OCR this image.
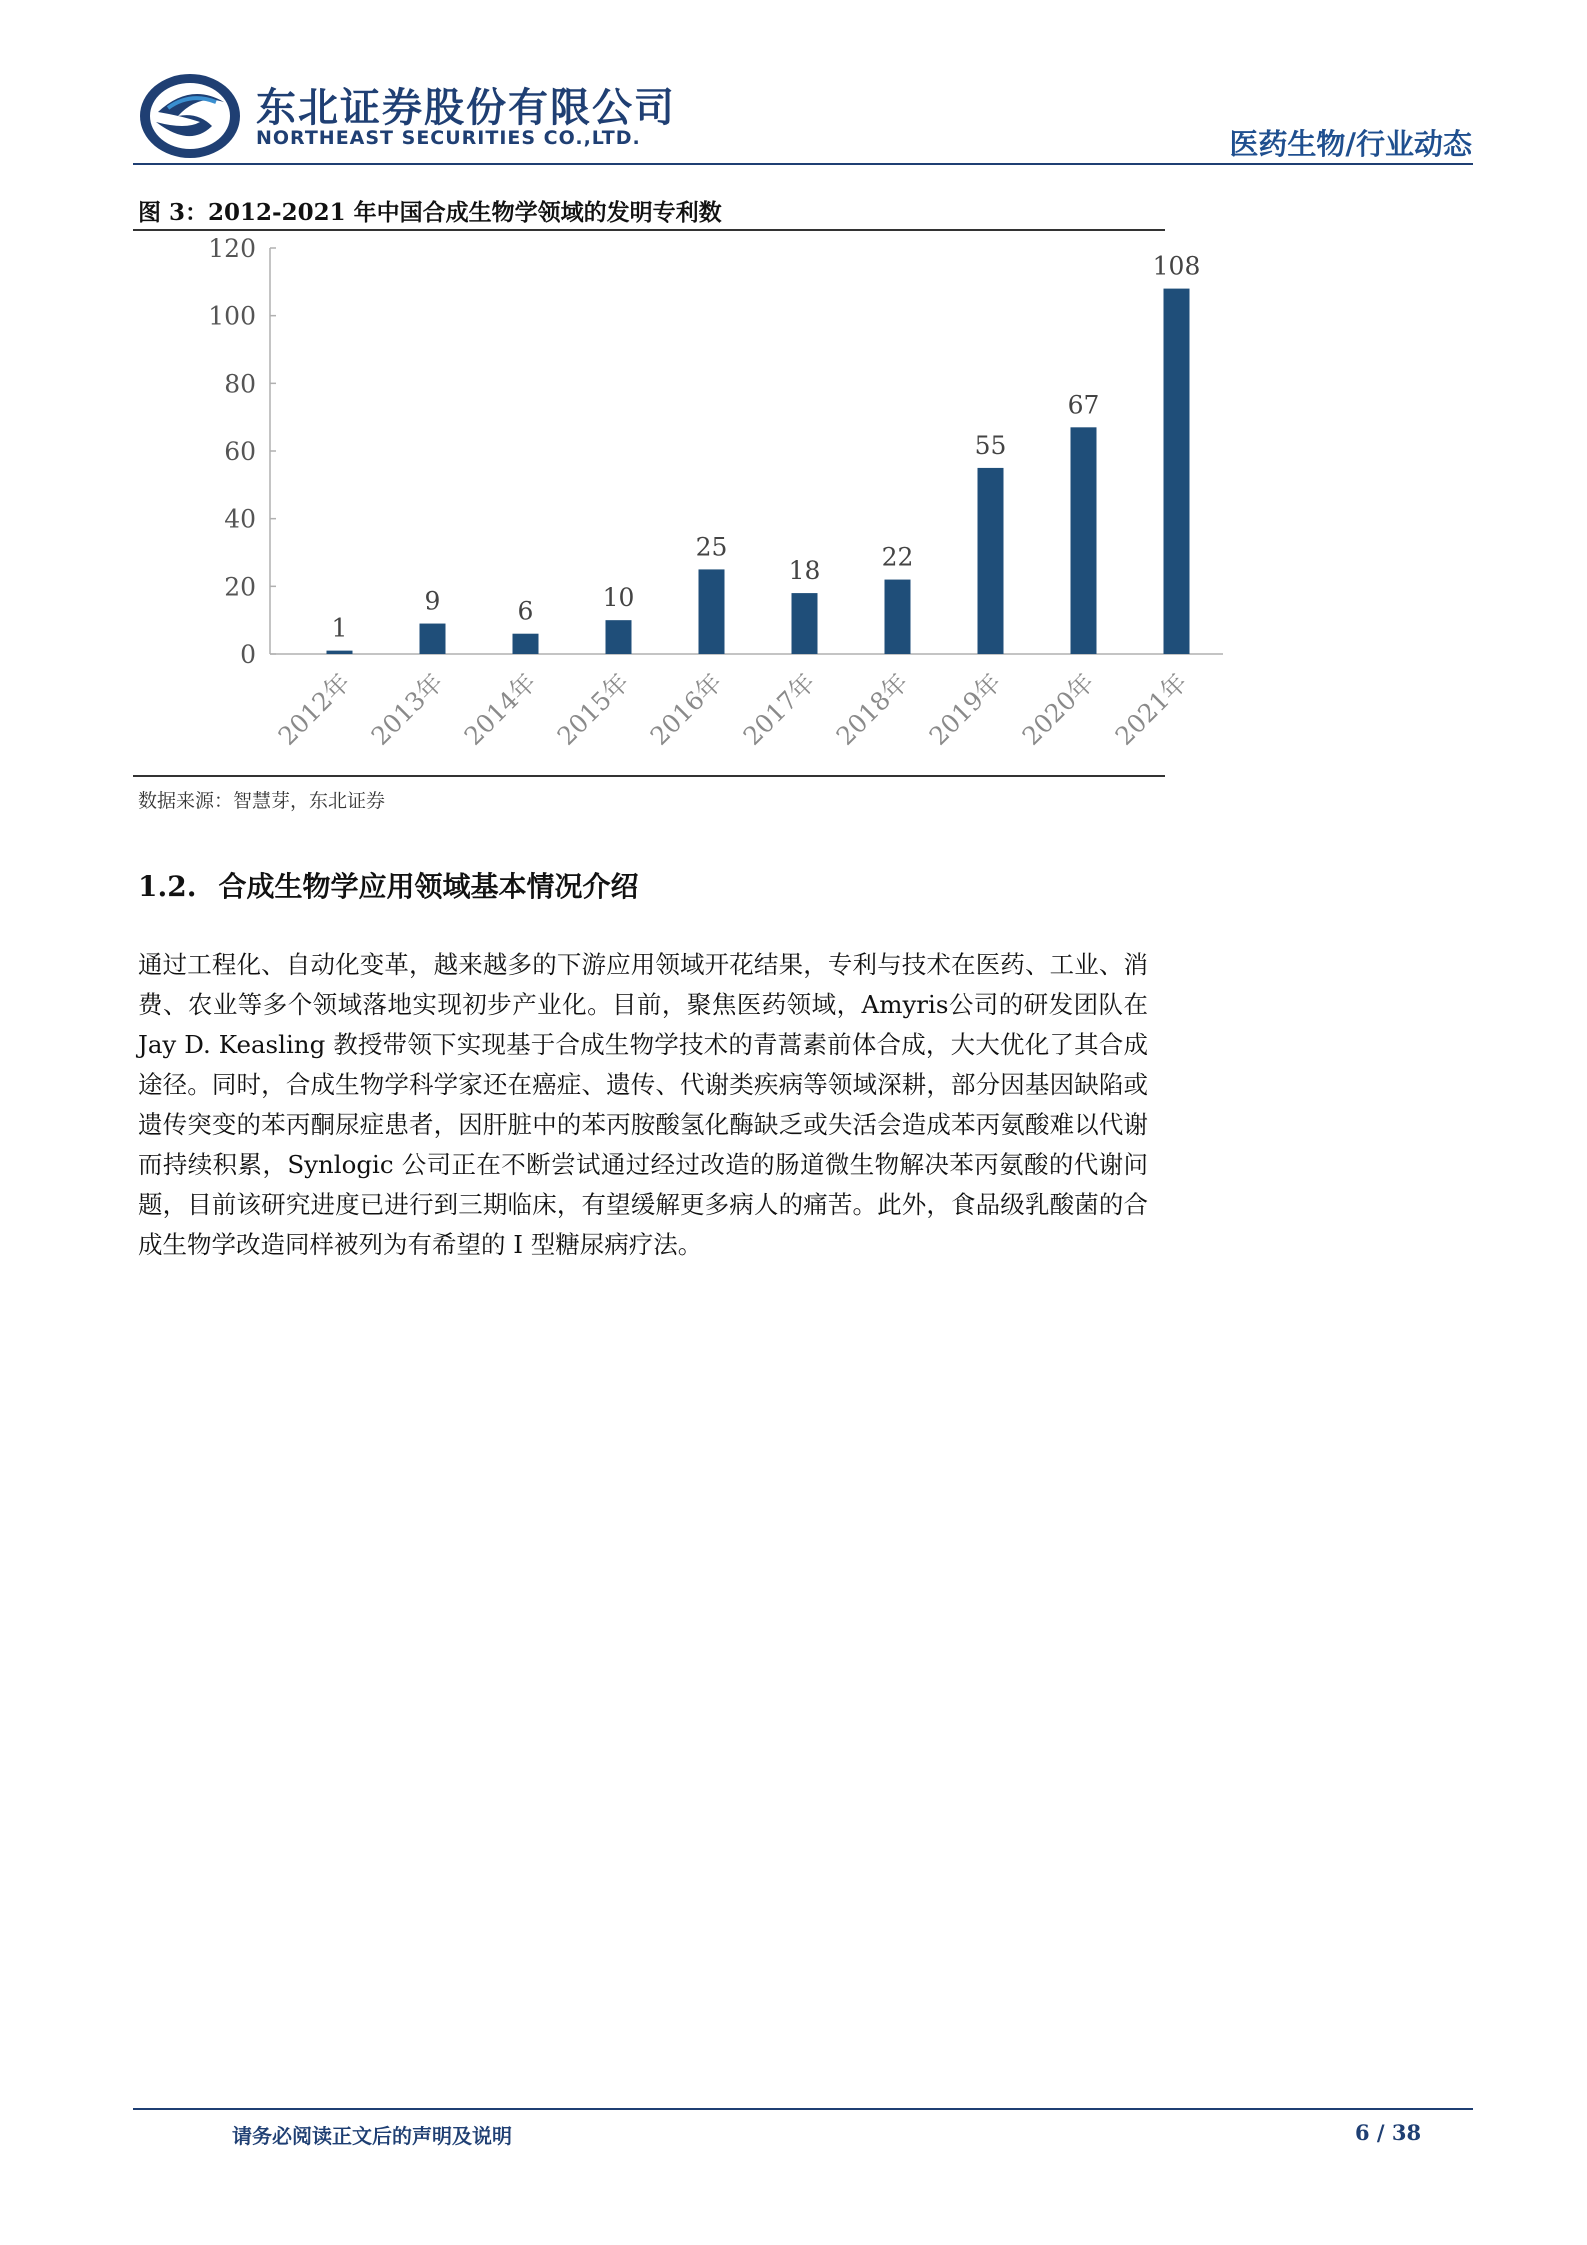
东北证券股份有限公司
NORTHEAST SECURITIES CO.,LTD.	医药生物/行业动态
图 3：2012-2021 年中国合成生物学领域的发明专利数
0
20
40
60
80
100
120
1
2012年
9
2013年
6
2014年
10
2015年
25
2016年
18
2017年
22
2018年
55
2019年
67
2020年
108
2021年
数据来源：智慧芽，东北证券
1.2. 合成生物学应用领域基本情况介绍
通过工程化、自动化变革，越来越多的下游应用领域开花结果，专利与技术在医药、工业、消费、农业等多个领域落地实现初步产业化。目前，聚焦医药领域，Amyris公司的研发团队在 Jay D. Keasling 教授带领下实现基于合成生物学技术的青蒿素前体合成，大大优化了其合成途径。同时，合成生物学科学家还在癌症、遗传、代谢类疾病等领域深耕，部分因基因缺陷或遗传突变的苯丙酮尿症患者，因肝脏中的苯丙胺酸氢化酶缺乏或失活会造成苯丙氨酸难以代谢而持续积累，Synlogic 公司正在不断尝试通过经过改造的肠道微生物解决苯丙氨酸的代谢问题，目前该研究进度已进行到三期临床，有望缓解更多病人的痛苦。此外，食品级乳酸菌的合成生物学改造同样被列为有希望的 I 型糖尿病疗法。
请务必阅读正文后的声明及说明	6 / 38
